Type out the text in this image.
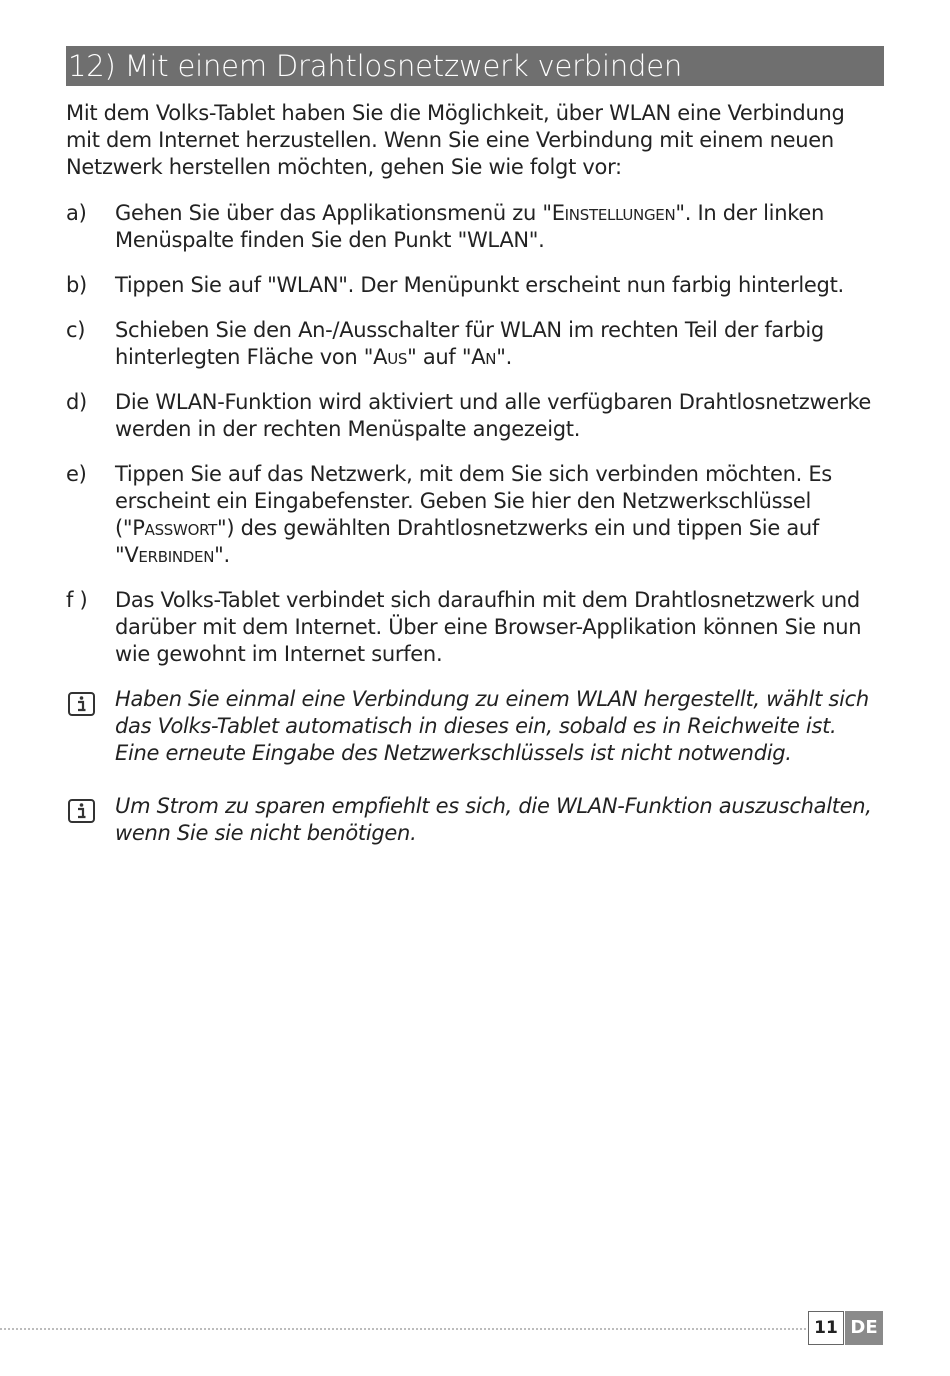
12) Mit einem Drahtlosnetzwerk verbinden

Mit dem Volks-Tablet haben Sie die Möglichkeit, über WLAN eine Verbindung mit dem Internet herzustellen. Wenn Sie eine Verbindung mit einem neuen Netzwerk herstellen möchten, gehen Sie wie folgt vor:

a) Gehen Sie über das Applikationsmenü zu "Einstellungen". In der linken Menüspalte finden Sie den Punkt "WLAN".
b) Tippen Sie auf "WLAN". Der Menüpunkt erscheint nun farbig hinterlegt.
c) Schieben Sie den An-/Ausschalter für WLAN im rechten Teil der farbig hinterlegten Fläche von "Aus" auf "An".
d) Die WLAN-Funktion wird aktiviert und alle verfügbaren Drahtlosnetzwerke werden in der rechten Menüspalte angezeigt.
e) Tippen Sie auf das Netzwerk, mit dem Sie sich verbinden möchten. Es erscheint ein Eingabefenster. Geben Sie hier den Netzwerkschlüssel ("Passwort") des gewählten Drahtlosnetzwerks ein und tippen Sie auf "Verbinden".
f ) Das Volks-Tablet verbindet sich daraufhin mit dem Drahtlosnetzwerk und darüber mit dem Internet. Über eine Browser-Applikation können Sie nun wie gewohnt im Internet surfen.
Haben Sie einmal eine Verbindung zu einem WLAN hergestellt, wählt sich das Volks-Tablet automatisch in dieses ein, sobald es in Reichweite ist. Eine erneute Eingabe des Netzwerkschlüssels ist nicht notwendig.
Um Strom zu sparen empfiehlt es sich, die WLAN-Funktion auszuschalten, wenn Sie sie nicht benötigen.
11 DE
